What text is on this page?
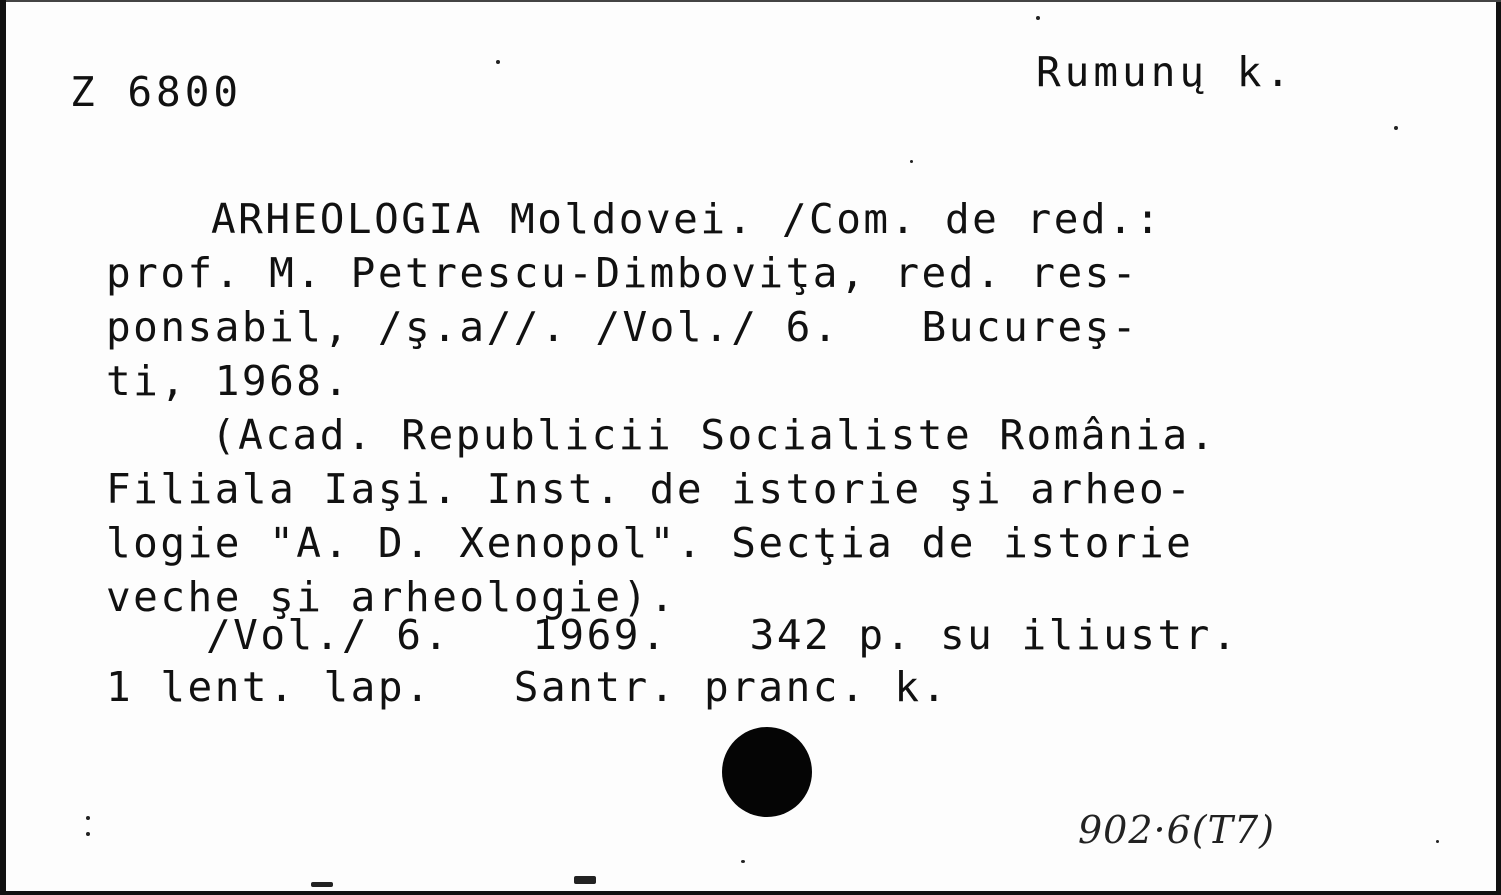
Z 6800	Rumunų k.
ARHEOLOGIA Moldovei. /Com. de red.:
prof. M. Petrescu-Dimboviţa, red. res-
ponsabil, /ş.a//. /Vol./ 6.   Bucureş-
ti, 1968.
(Acad. Republicii Socialiste România.
Filiala Iaşi. Inst. de istorie şi arheo-
logie "A. D. Xenopol". Secţia de istorie
veche şi arheologie).
/Vol./ 6.   1969.   342 p. su iliustr.
1 lent. lap.   Santr. pranc. k.
902·6(T7)
